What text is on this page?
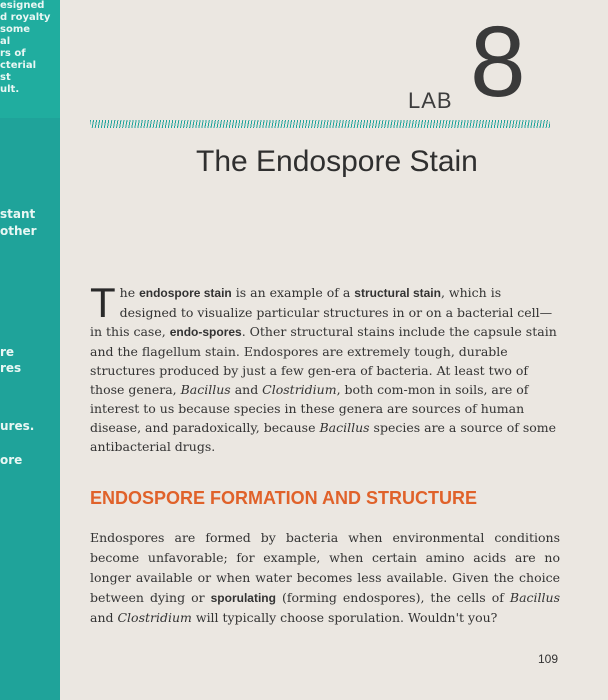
esigned
d royalty
some
al
rs of
cterial
st
ult.
stant
other
re
res
ures.
ore
LAB 8
The Endospore Stain
The endospore stain is an example of a structural stain, which is designed to visualize particular structures in or on a bacterial cell—in this case, endo-spores. Other structural stains include the capsule stain and the flagellum stain. Endospores are extremely tough, durable structures produced by just a few gen-era of bacteria. At least two of those genera, Bacillus and Clostridium, both com-mon in soils, are of interest to us because species in these genera are sources of human disease, and paradoxically, because Bacillus species are a source of some antibacterial drugs.
ENDOSPORE FORMATION AND STRUCTURE
Endospores are formed by bacteria when environmental conditions become unfavorable; for example, when certain amino acids are no longer available or when water becomes less available. Given the choice between dying or sporulating (forming endospores), the cells of Bacillus and Clostridium will typically choose sporulation. Wouldn't you?
109
